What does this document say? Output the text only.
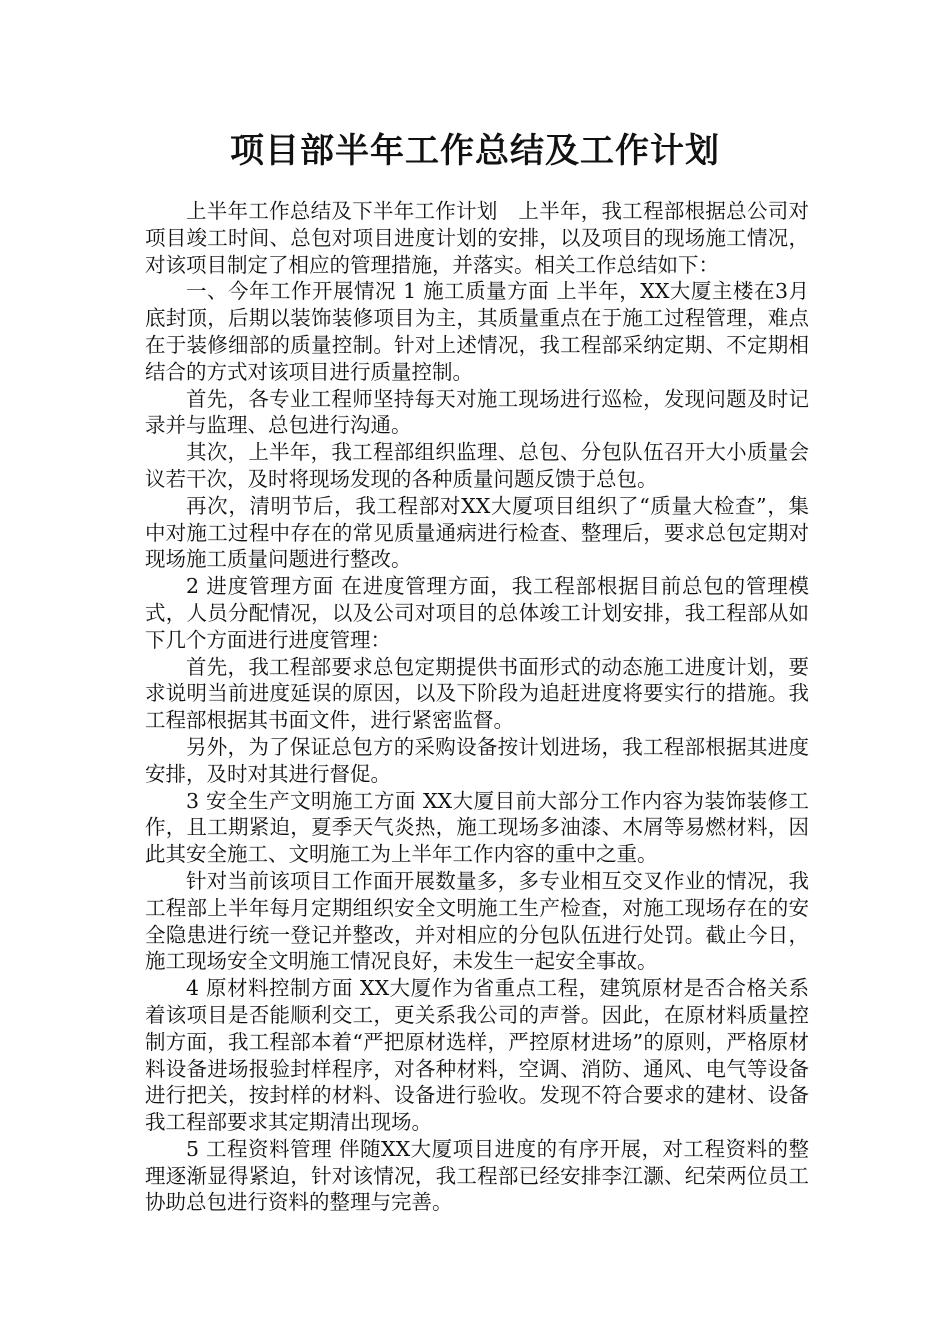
项目部半年工作总结及工作计划

上半年工作总结及下半年工作计划　上半年，我工程部根据总公司对项目竣工时间、总包对项目进度计划的安排，以及项目的现场施工情况，对该项目制定了相应的管理措施，并落实。相关工作总结如下：

一、今年工作开展情况 1 施工质量方面 上半年，XX大厦主楼在3月底封顶，后期以装饰装修项目为主，其质量重点在于施工过程管理，难点在于装修细部的质量控制。针对上述情况，我工程部采纳定期、不定期相结合的方式对该项目进行质量控制。

首先，各专业工程师坚持每天对施工现场进行巡检，发现问题及时记录并与监理、总包进行沟通。

其次，上半年，我工程部组织监理、总包、分包队伍召开大小质量会议若干次，及时将现场发现的各种质量问题反馈于总包。

再次，清明节后，我工程部对XX大厦项目组织了“质量大检查”，集中对施工过程中存在的常见质量通病进行检查、整理后，要求总包定期对现场施工质量问题进行整改。

2 进度管理方面 在进度管理方面，我工程部根据目前总包的管理模式，人员分配情况，以及公司对项目的总体竣工计划安排，我工程部从如下几个方面进行进度管理：

首先，我工程部要求总包定期提供书面形式的动态施工进度计划，要求说明当前进度延误的原因，以及下阶段为追赶进度将要实行的措施。我工程部根据其书面文件，进行紧密监督。

另外，为了保证总包方的采购设备按计划进场，我工程部根据其进度安排，及时对其进行督促。

3 安全生产文明施工方面 XX大厦目前大部分工作内容为装饰装修工作，且工期紧迫，夏季天气炎热，施工现场多油漆、木屑等易燃材料，因此其安全施工、文明施工为上半年工作内容的重中之重。

针对当前该项目工作面开展数量多，多专业相互交叉作业的情况，我工程部上半年每月定期组织安全文明施工生产检查，对施工现场存在的安全隐患进行统一登记并整改，并对相应的分包队伍进行处罚。截止今日，施工现场安全文明施工情况良好，未发生一起安全事故。

4 原材料控制方面 XX大厦作为省重点工程，建筑原材是否合格关系着该项目是否能顺利交工，更关系我公司的声誉。因此，在原材料质量控制方面，我工程部本着“严把原材选样，严控原材进场”的原则，严格原材料设备进场报验封样程序，对各种材料，空调、消防、通风、电气等设备进行把关，按封样的材料、设备进行验收。发现不符合要求的建材、设备我工程部要求其定期清出现场。

5 工程资料管理 伴随XX大厦项目进度的有序开展，对工程资料的整理逐渐显得紧迫，针对该情况，我工程部已经安排李江灏、纪荣两位员工协助总包进行资料的整理与完善。
